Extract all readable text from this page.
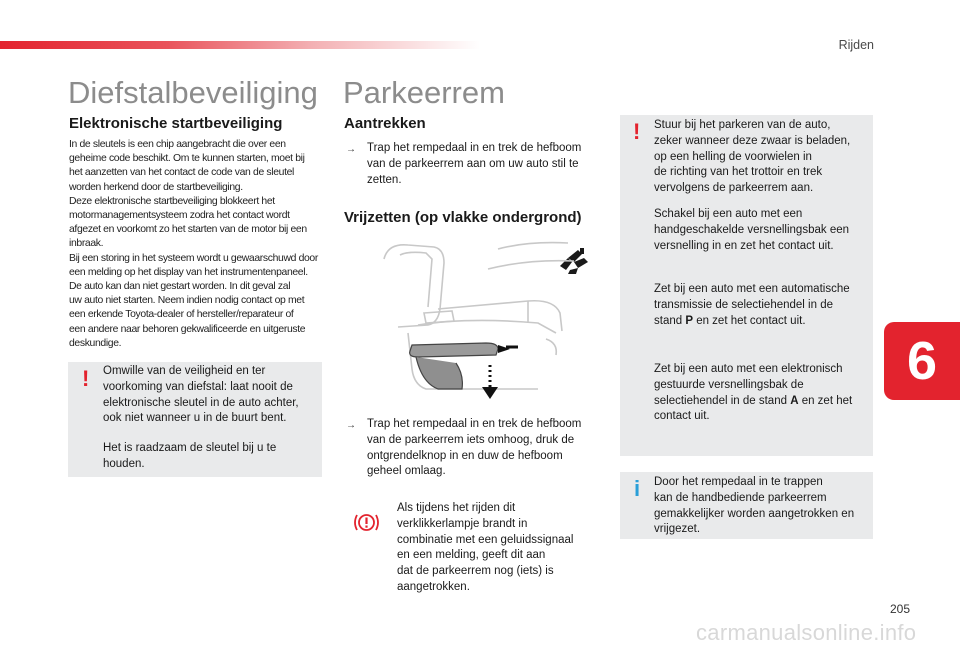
Rijden
6
205
carmanualsonline.info
Diefstalbeveiliging
Elektronische startbeveiliging
In de sleutels is een chip aangebracht die over een
geheime code beschikt. Om te kunnen starten, moet bij
het aanzetten van het contact de code van de sleutel
worden herkend door de startbeveiliging.
Deze elektronische startbeveiliging blokkeert het
motormanagementsysteem zodra het contact wordt
afgezet en voorkomt zo het starten van de motor bij een
inbraak.
Bij een storing in het systeem wordt u gewaarschuwd door
een melding op het display van het instrumentenpaneel.
De auto kan dan niet gestart worden. In dit geval zal
uw auto niet starten. Neem indien nodig contact op met
een erkende Toyota-dealer of hersteller/reparateur of
een andere naar behoren gekwalificeerde en uitgeruste
deskundige.
! Omwille van de veiligheid en ter
voorkoming van diefstal: laat nooit de
elektronische sleutel in de auto achter,
ook niet wanneer u in de buurt bent.
Het is raadzaam de sleutel bij u te
houden.
Parkeerrem
Aantrekken
→ Trap het rempedaal in en trek de hefboom
van de parkeerrem aan om uw auto stil te
zetten.
Vrijzetten (op vlakke ondergrond)
→ Trap het rempedaal in en trek de hefboom
van de parkeerrem iets omhoog, druk de
ontgrendelknop in en duw de hefboom
geheel omlaag.
Als tijdens het rijden dit
verklikkerlampje brandt in
combinatie met een geluidssignaal
en een melding, geeft dit aan
dat de parkeerrem nog (iets) is
aangetrokken.
! Stuur bij het parkeren van de auto,
zeker wanneer deze zwaar is beladen,
op een helling de voorwielen in
de richting van het trottoir en trek
vervolgens de parkeerrem aan.
Schakel bij een auto met een
handgeschakelde versnellingsbak een
versnelling in en zet het contact uit.
Zet bij een auto met een automatische
transmissie de selectiehendel in de
stand P en zet het contact uit.
Zet bij een auto met een elektronisch
gestuurde versnellingsbak de
selectiehendel in de stand A en zet het
contact uit.
i Door het rempedaal in te trappen
kan de handbediende parkeerrem
gemakkelijker worden aangetrokken en
vrijgezet.
